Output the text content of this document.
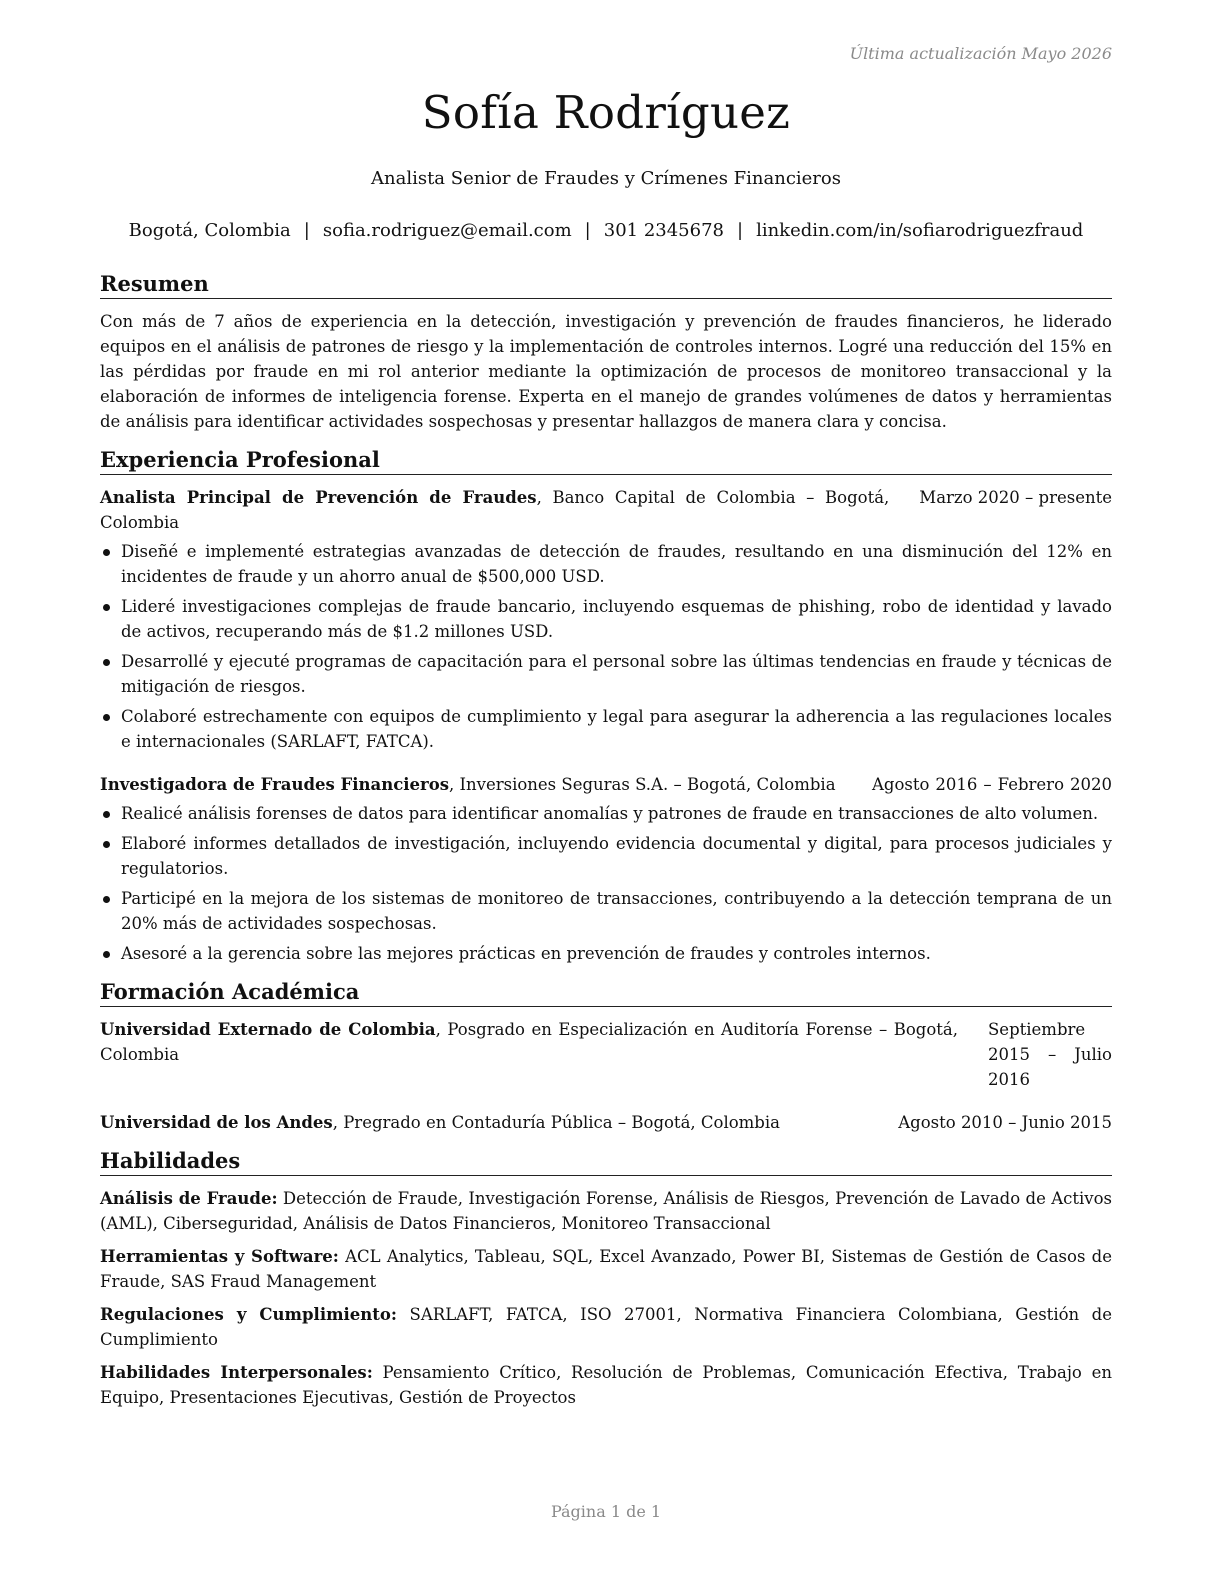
Última actualización Mayo 2026
Sofía Rodríguez
Analista Senior de Fraudes y Crímenes Financieros
Bogotá, Colombia | sofia.rodriguez@email.com | 301 2345678 | linkedin.com/in/sofiarodriguezfraud
Resumen

Con más de 7 años de experiencia en la detección, investigación y prevención de fraudes financieros, he liderado equipos en el análisis de patrones de riesgo y la implementación de controles internos. Logré una reducción del 15% en las pérdidas por fraude en mi rol anterior mediante la optimización de procesos de monitoreo transaccional y la elaboración de informes de inteligencia forense. Experta en el manejo de grandes volúmenes de datos y herramientas de análisis para identificar actividades sospechosas y presentar hallazgos de manera clara y concisa.

Experiencia Profesional
Analista Principal de Prevención de Fraudes, Banco Capital de Colombia – Bogotá, Colombia
Marzo 2020 – presente
Diseñé e implementé estrategias avanzadas de detección de fraudes, resultando en una disminución del 12% en incidentes de fraude y un ahorro anual de $500,000 USD.
Lideré investigaciones complejas de fraude bancario, incluyendo esquemas de phishing, robo de identidad y lavado de activos, recuperando más de $1.2 millones USD.
Desarrollé y ejecuté programas de capacitación para el personal sobre las últimas tendencias en fraude y técnicas de mitigación de riesgos.
Colaboré estrechamente con equipos de cumplimiento y legal para asegurar la adherencia a las regulaciones locales e internacionales (SARLAFT, FATCA).
Investigadora de Fraudes Financieros, Inversiones Seguras S.A. – Bogotá, Colombia	Agosto 2016 – Febrero 2020
Realicé análisis forenses de datos para identificar anomalías y patrones de fraude en transacciones de alto volumen.
Elaboré informes detallados de investigación, incluyendo evidencia documental y digital, para procesos judiciales y regulatorios.
Participé en la mejora de los sistemas de monitoreo de transacciones, contribuyendo a la detección temprana de un 20% más de actividades sospechosas.
Asesoré a la gerencia sobre las mejores prácticas en prevención de fraudes y controles internos.
Formación Académica
Universidad Externado de Colombia, Posgrado en Especialización en Auditoría Forense – Bogotá, Colombia
Septiembre 2015 – Julio 2016
Universidad de los Andes, Pregrado en Contaduría Pública – Bogotá, Colombia	Agosto 2010 – Junio 2015
Habilidades
Análisis de Fraude: Detección de Fraude, Investigación Forense, Análisis de Riesgos, Prevención de Lavado de Activos (AML), Ciberseguridad, Análisis de Datos Financieros, Monitoreo Transaccional
Herramientas y Software: ACL Analytics, Tableau, SQL, Excel Avanzado, Power BI, Sistemas de Gestión de Casos de Fraude, SAS Fraud Management
Regulaciones y Cumplimiento: SARLAFT, FATCA, ISO 27001, Normativa Financiera Colombiana, Gestión de Cumplimiento
Habilidades Interpersonales: Pensamiento Crítico, Resolución de Problemas, Comunicación Efectiva, Trabajo en Equipo, Presentaciones Ejecutivas, Gestión de Proyectos
Página 1 de 1
